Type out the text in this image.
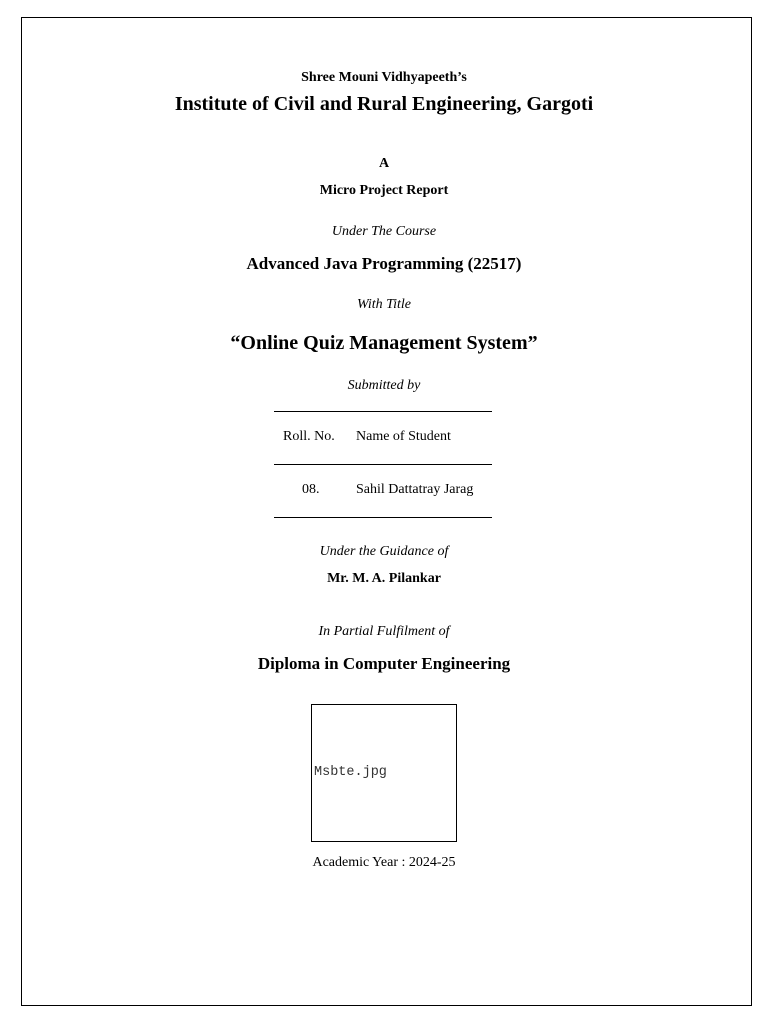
Shree Mouni Vidhyapeeth’s
Institute of Civil and Rural Engineering, Gargoti
A
Micro Project Report
Under The Course
Advanced Java Programming (22517)
With Title
“Online Quiz Management System”
Submitted by
Roll. No. Name of Student
08.	Sahil Dattatray Jarag
Under the Guidance of
Mr. M. A. Pilankar
In Partial Fulfilment of
Diploma in Computer Engineering
Msbte.jpg
Academic Year : 2024-25
